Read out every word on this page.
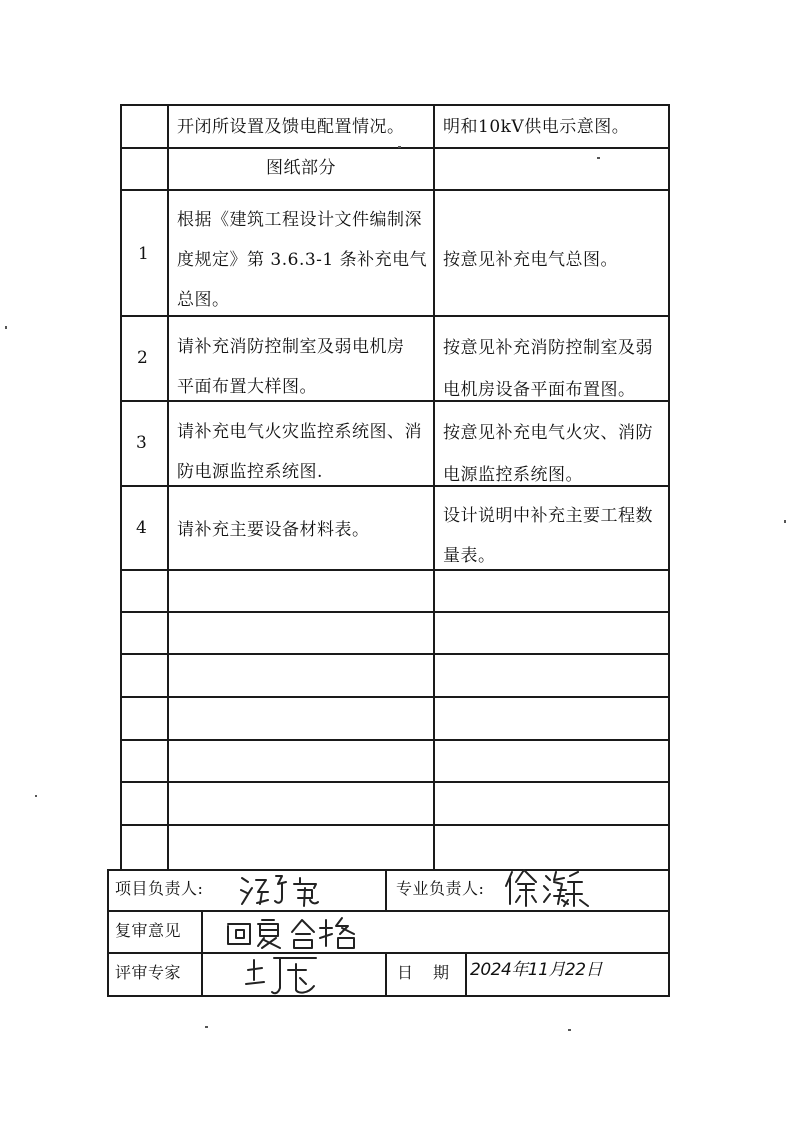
开闭所设置及馈电配置情况。 明和10kV供电示意图。
图纸部分
1
根据《建筑工程设计文件编制深
度规定》第 3.6.3-1 条补充电气
总图。
按意见补充电气总图。
2
请补充消防控制室及弱电机房
平面布置大样图。
按意见补充消防控制室及弱
电机房设备平面布置图。
3
请补充电气火灾监控系统图、消
防电源监控系统图.
按意见补充电气火灾、消防
电源监控系统图。
4 请补充主要设备材料表。
设计说明中补充主要工程数
量表。
项目负责人:	专业负责人:
复审意见
评审专家	日 期 2024年11月22日
